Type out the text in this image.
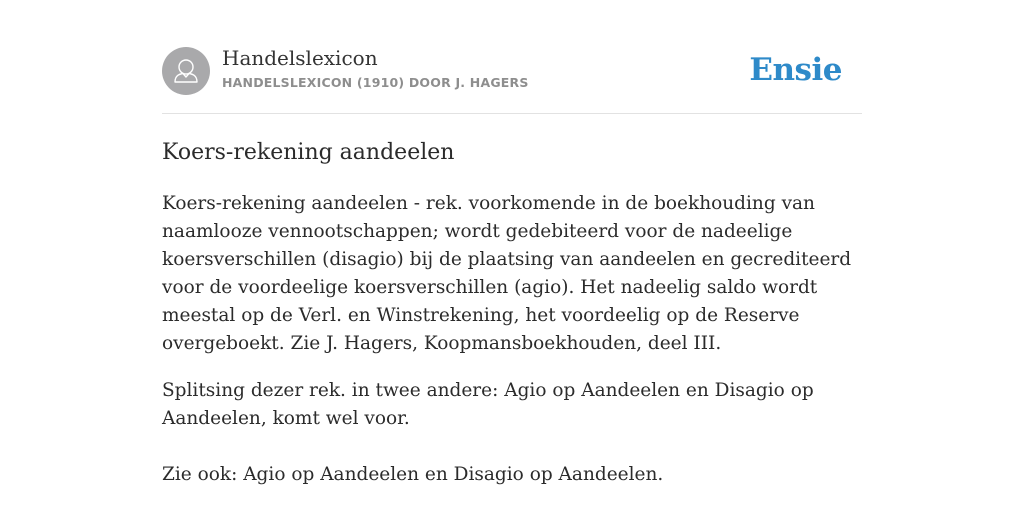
Handelslexicon
HANDELSLEXICON (1910) DOOR J. HAGERS	Ensie
Koers-rekening aandeelen

Koers-rekening aandeelen - rek. voorkomende in de boekhouding van naamlooze vennootschappen; wordt gedebiteerd voor de nadeelige koersverschillen (disagio) bij de plaatsing van aandeelen en gecrediteerd voor de voordeelige koersverschillen (agio). Het nadeelig saldo wordt meestal op de Verl. en Winstrekening, het voordeelig op de Reserve overgeboekt. Zie J. Hagers, Koopmansboekhouden, deel III.

Splitsing dezer rek. in twee andere: Agio op Aandeelen en Disagio op Aandeelen, komt wel voor.

Zie ook: Agio op Aandeelen en Disagio op Aandeelen.
